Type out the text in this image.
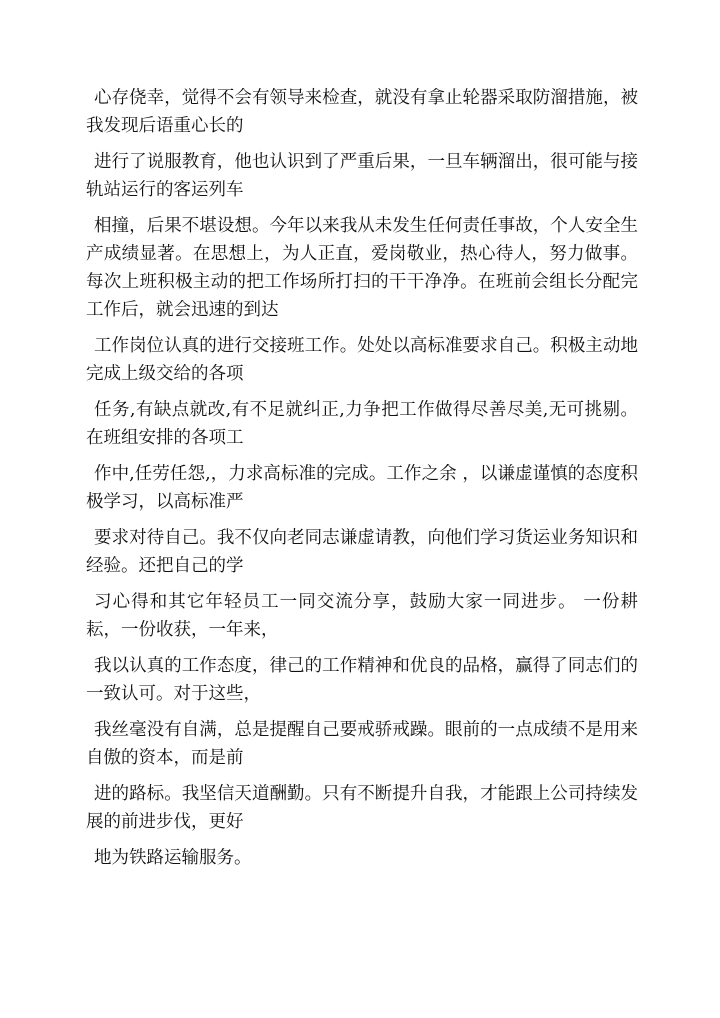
心存侥幸，觉得不会有领导来检查，就没有拿止轮器采取防溜措施，被我发现后语重心长的

进行了说服教育，他也认识到了严重后果，一旦车辆溜出，很可能与接轨站运行的客运列车

相撞，后果不堪设想。今年以来我从未发生任何责任事故，个人安全生产成绩显著。在思想上，为人正直，爱岗敬业，热心待人，努力做事。每次上班积极主动的把工作场所打扫的干干净净。在班前会组长分配完工作后，就会迅速的到达

工作岗位认真的进行交接班工作。处处以高标准要求自己。积极主动地完成上级交给的各项

任务,有缺点就改,有不足就纠正,力争把工作做得尽善尽美,无可挑剔。在班组安排的各项工

作中,任劳任怨,，力求高标准的完成。工作之余 ，以谦虚谨慎的态度积极学习，以高标准严

要求对待自己。我不仅向老同志谦虚请教，向他们学习货运业务知识和经验。还把自己的学

习心得和其它年轻员工一同交流分享，鼓励大家一同进步。 一份耕耘，一份收获，一年来，

我以认真的工作态度，律己的工作精神和优良的品格，赢得了同志们的一致认可。对于这些，

我丝毫没有自满，总是提醒自己要戒骄戒躁。眼前的一点成绩不是用来自傲的资本，而是前

进的路标。我坚信天道酬勤。只有不断提升自我，才能跟上公司持续发展的前进步伐，更好

地为铁路运输服务。
